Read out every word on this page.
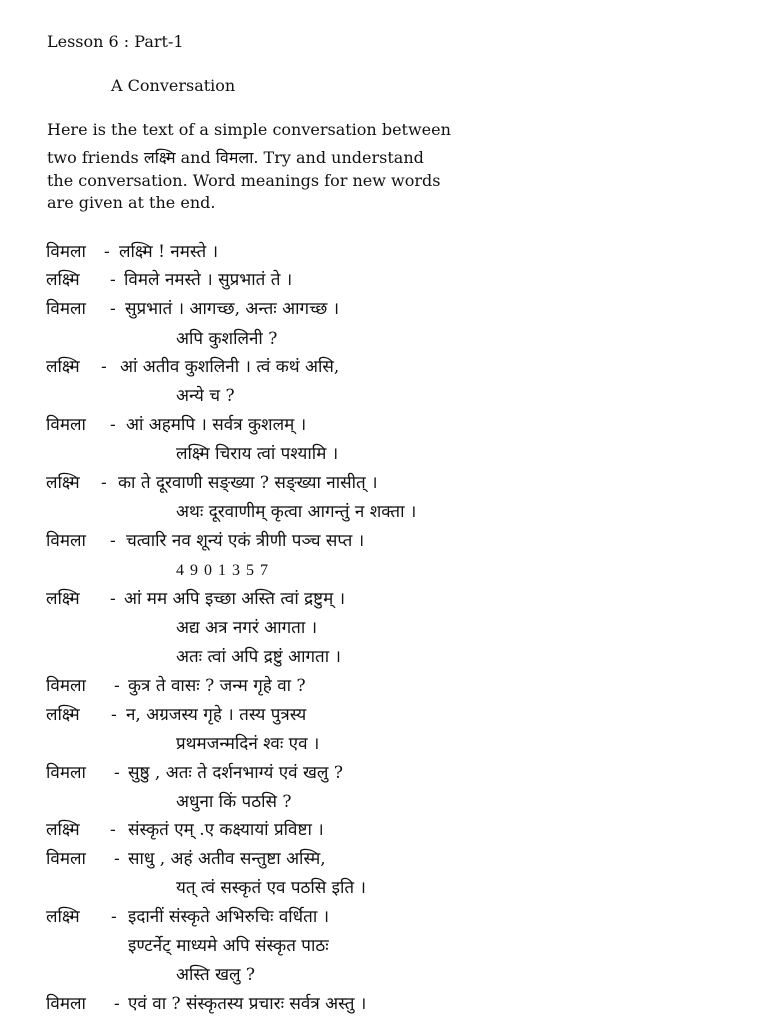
Lesson 6 : Part-1
A Conversation
Here is the text of a simple conversation between
two friends लक्ष्मि and विमला. Try and understand
the conversation. Word meanings for new words
are given at the end.
विमला - लक्ष्मि ! नमस्ते ।
लक्ष्मि - विमले नमस्ते । सुप्रभातं ते ।
विमला - सुप्रभातं । आगच्छ, अन्तः आगच्छ ।
अपि कुशलिनी ?
लक्ष्मि - आं अतीव कुशलिनी । त्वं कथं असि,
अन्ये च ?
विमला - आं अहमपि । सर्वत्र कुशलम् ।
लक्ष्मि चिराय त्वां पश्यामि ।
लक्ष्मि - का ते दूरवाणी सङ्ख्या ? सङ्ख्या नासीत् ।
अथः दूरवाणीम् कृत्वा आगन्तुं न शक्ता ।
विमला - चत्वारि नव शून्यं एकं त्रीणी पञ्च सप्त ।
4 9 0 1 3 5 7
लक्ष्मि - आं मम अपि इच्छा अस्ति त्वां द्रष्टुम् ।
अद्य अत्र नगरं आगता ।
अतः त्वां अपि द्रष्टुं आगता ।
विमला - कुत्र ते वासः ? जन्म गृहे वा ?
लक्ष्मि - न, अग्रजस्य गृहे । तस्य पुत्रस्य
प्रथमजन्मदिनं श्वः एव ।
विमला - सुष्ठु , अतः ते दर्शनभाग्यं एवं खलु ?
अधुना किं पठसि ?
लक्ष्मि - संस्कृतं एम् .ए कक्ष्यायां प्रविष्टा ।
विमला - साधु , अहं अतीव सन्तुष्टा अस्मि,
यत् त्वं सस्कृतं एव पठसि इति ।
लक्ष्मि - इदानीं संस्कृते अभिरुचिः वर्धिता ।
इण्टर्नेट् माध्यमे अपि संस्कृत पाठः
अस्ति खलु ?
विमला - एवं वा ? संस्कृतस्य प्रचारः सर्वत्र अस्तु ।
